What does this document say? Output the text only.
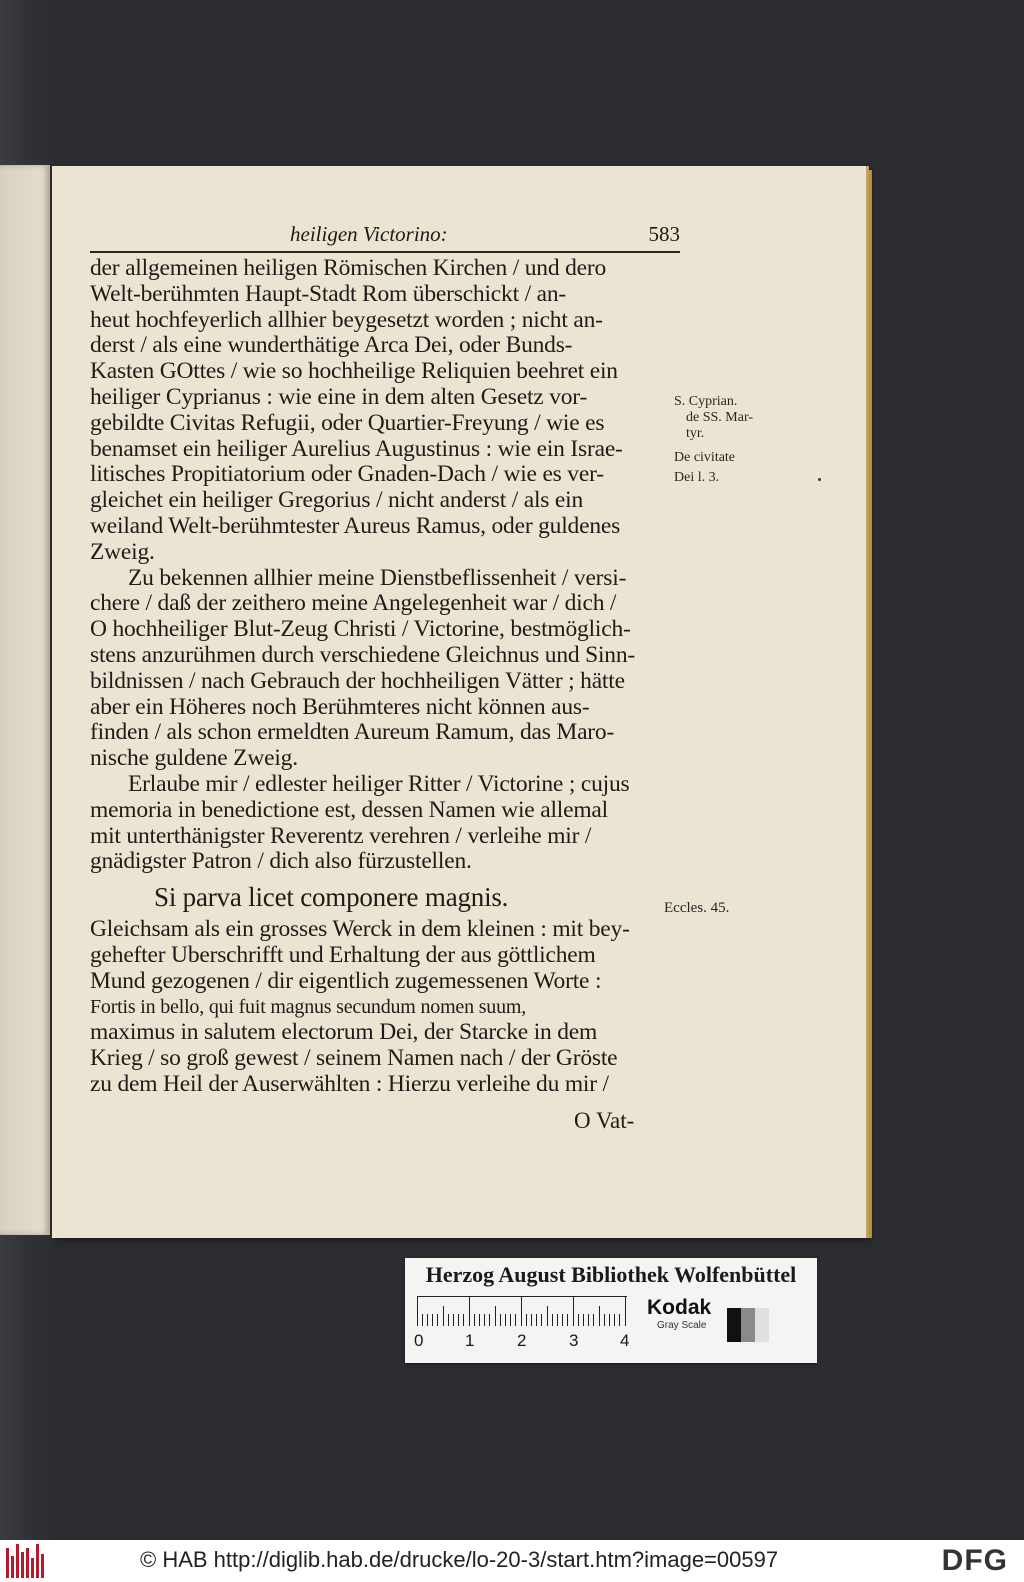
heiligen Victorino:	583
der allgemeinen heiligen Römischen Kirchen / und dero
Welt-berühmten Haupt-Stadt Rom überschickt / an-
heut hochfeyerlich allhier beygesetzt worden ; nicht an-
derst / als eine wunderthätige Arca Dei, oder Bunds-
Kasten GOttes / wie so hochheilige Reliquien beehret ein
heiliger Cyprianus : wie eine in dem alten Gesetz vor-
gebildte Civitas Refugii, oder Quartier-Freyung / wie es
benamset ein heiliger Aurelius Augustinus : wie ein Israe-
litisches Propitiatorium oder Gnaden-Dach / wie es ver-
gleichet ein heiliger Gregorius / nicht anderst / als ein
weiland Welt-berühmtester Aureus Ramus, oder guldenes
Zweig.
Zu bekennen allhier meine Dienstbeflissenheit / versi-
chere / daß der zeithero meine Angelegenheit war / dich /
O hochheiliger Blut-Zeug Christi / Victorine, bestmöglich-
stens anzurühmen durch verschiedene Gleichnus und Sinn-
bildnissen / nach Gebrauch der hochheiligen Vätter ; hätte
aber ein Höheres noch Berühmteres nicht können aus-
finden / als schon ermeldten Aureum Ramum, das Maro-
nische guldene Zweig.
Erlaube mir / edlester heiliger Ritter / Victorine ; cujus
memoria in benedictione est, dessen Namen wie allemal
mit unterthänigster Reverentz verehren / verleihe mir /
gnädigster Patron / dich also fürzustellen.
Si parva licet componere magnis.
Gleichsam als ein grosses Werck in dem kleinen : mit bey-
gehefter Uberschrifft und Erhaltung der aus göttlichem
Mund gezogenen / dir eigentlich zugemessenen Worte :
Fortis in bello, qui fuit magnus secundum nomen suum,
maximus in salutem electorum Dei, der Starcke in dem
Krieg / so groß gewest / seinem Namen nach / der Gröste
zu dem Heil der Auserwählten : Hierzu verleihe du mir /
S. Cyprian.
de SS. Mar-
tyr.
De civitate
Dei l. 3.
Eccles. 45.
O Vat-
Herzog August Bibliothek Wolfenbüttel
0 1	2	3 4
Kodak
Gray Scale
© HAB http://diglib.hab.de/drucke/lo-20-3/start.htm?image=00597	DFG
